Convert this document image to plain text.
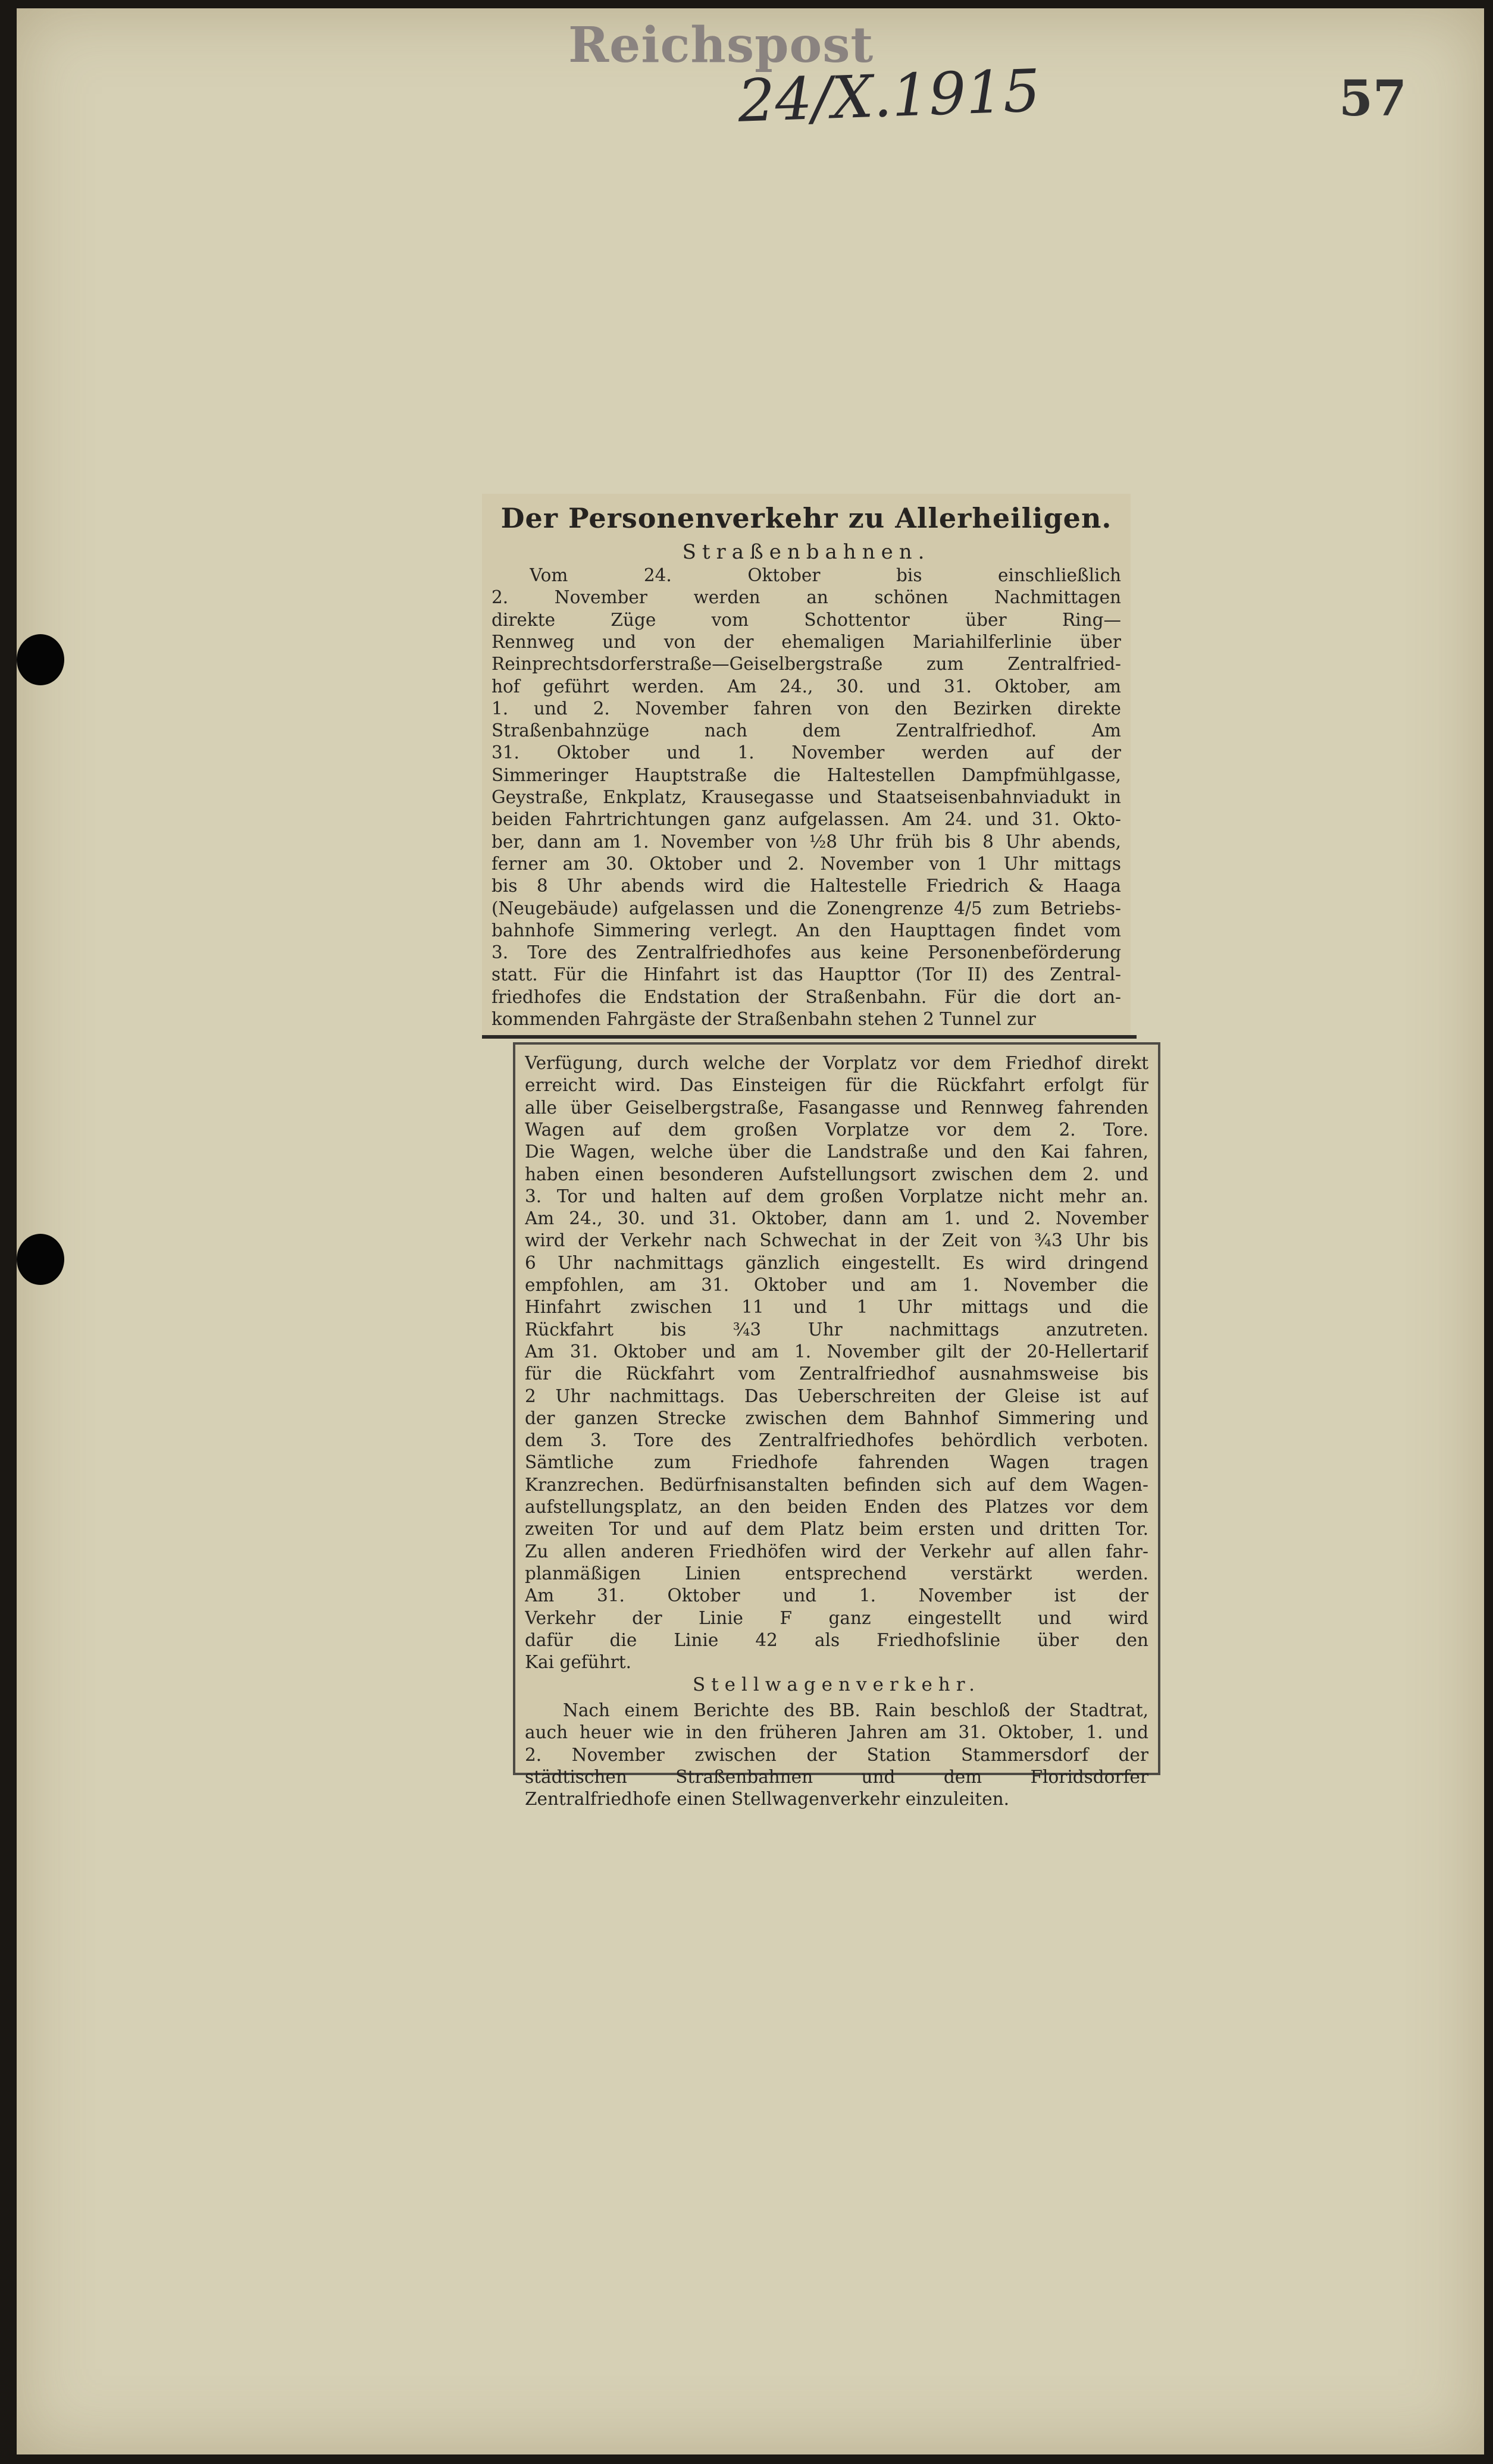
Reichspost
24/X.1915	57
Der Personenverkehr zu Allerheiligen.
Straßenbahnen.
Vom 24. Oktober bis einschließlich
2. November werden an schönen Nachmittagen
direkte Züge vom Schottentor über Ring—
Rennweg und von der ehemaligen Mariahilferlinie über
Reinprechtsdorferstraße—Geiselbergstraße zum Zentralfried-
hof geführt werden. Am 24., 30. und 31. Oktober, am
1. und 2. November fahren von den Bezirken direkte
Straßenbahnzüge nach dem Zentralfriedhof. Am
31. Oktober und 1. November werden auf der
Simmeringer Hauptstraße die Haltestellen Dampfmühlgasse,
Geystraße, Enkplatz, Krausegasse und Staatseisenbahnviadukt in
beiden Fahrtrichtungen ganz aufgelassen. Am 24. und 31. Okto-
ber, dann am 1. November von ½8 Uhr früh bis 8 Uhr abends,
ferner am 30. Oktober und 2. November von 1 Uhr mittags
bis 8 Uhr abends wird die Haltestelle Friedrich & Haaga
(Neugebäude) aufgelassen und die Zonengrenze 4/5 zum Betriebs-
bahnhofe Simmering verlegt. An den Haupttagen findet vom
3. Tore des Zentralfriedhofes aus keine Personenbeförderung
statt. Für die Hinfahrt ist das Haupttor (Tor II) des Zentral-
friedhofes die Endstation der Straßenbahn. Für die dort an-
kommenden Fahrgäste der Straßenbahn stehen 2 Tunnel zur
Verfügung, durch welche der Vorplatz vor dem Friedhof direkt
erreicht wird. Das Einsteigen für die Rückfahrt erfolgt für
alle über Geiselbergstraße, Fasangasse und Rennweg fahrenden
Wagen auf dem großen Vorplatze vor dem 2. Tore.
Die Wagen, welche über die Landstraße und den Kai fahren,
haben einen besonderen Aufstellungsort zwischen dem 2. und
3. Tor und halten auf dem großen Vorplatze nicht mehr an.
Am 24., 30. und 31. Oktober, dann am 1. und 2. November
wird der Verkehr nach Schwechat in der Zeit von ¾3 Uhr bis
6 Uhr nachmittags gänzlich eingestellt. Es wird dringend
empfohlen, am 31. Oktober und am 1. November die
Hinfahrt zwischen 11 und 1 Uhr mittags und die
Rückfahrt bis ¾3 Uhr nachmittags anzutreten.
Am 31. Oktober und am 1. November gilt der 20-Hellertarif
für die Rückfahrt vom Zentralfriedhof ausnahmsweise bis
2 Uhr nachmittags. Das Ueberschreiten der Gleise ist auf
der ganzen Strecke zwischen dem Bahnhof Simmering und
dem 3. Tore des Zentralfriedhofes behördlich verboten.
Sämtliche zum Friedhofe fahrenden Wagen tragen
Kranzrechen. Bedürfnisanstalten befinden sich auf dem Wagen-
aufstellungsplatz, an den beiden Enden des Platzes vor dem
zweiten Tor und auf dem Platz beim ersten und dritten Tor.
Zu allen anderen Friedhöfen wird der Verkehr auf allen fahr-
planmäßigen Linien entsprechend verstärkt werden.
Am 31. Oktober und 1. November ist der
Verkehr der Linie F ganz eingestellt und wird
dafür die Linie 42 als Friedhofslinie über den
Kai geführt.
Stellwagenverkehr.
Nach einem Berichte des BB. Rain beschloß der Stadtrat,
auch heuer wie in den früheren Jahren am 31. Oktober, 1. und
2. November zwischen der Station Stammersdorf der
städtischen Straßenbahnen und dem Floridsdorfer
Zentralfriedhofe einen Stellwagenverkehr einzuleiten.
